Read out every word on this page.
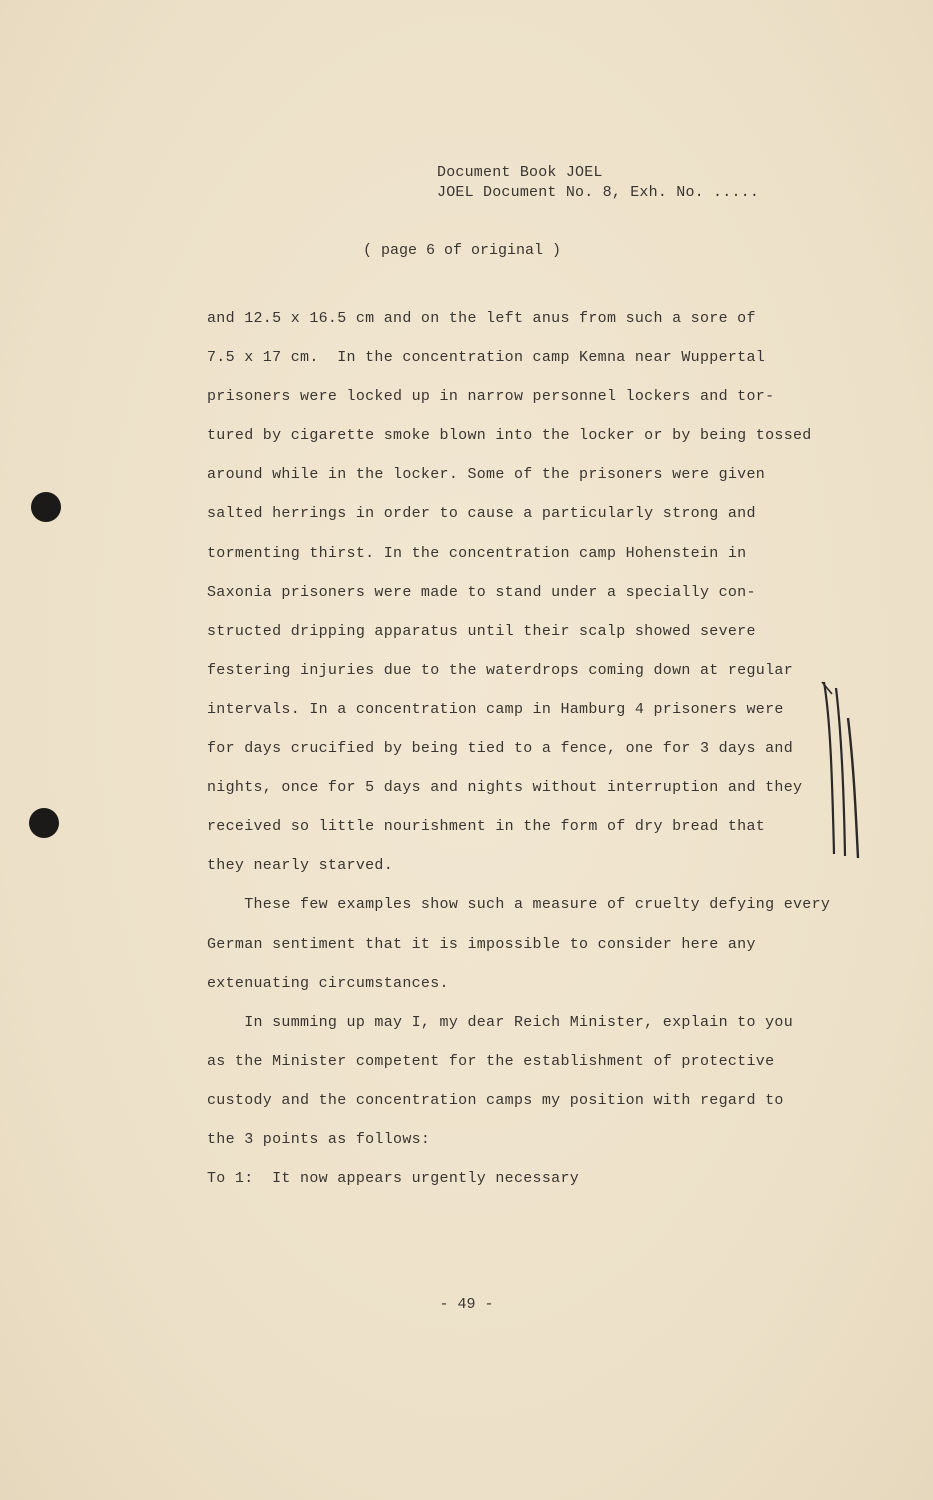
Document Book JOEL
JOEL Document No. 8, Exh. No. .....
( page 6 of original )
and 12.5 x 16.5 cm and on the left anus from such a sore of
7.5 x 17 cm.  In the concentration camp Kemna near Wuppertal
prisoners were locked up in narrow personnel lockers and tor-
tured by cigarette smoke blown into the locker or by being tossed
around while in the locker. Some of the prisoners were given
salted herrings in order to cause a particularly strong and
tormenting thirst. In the concentration camp Hohenstein in
Saxonia prisoners were made to stand under a specially con-
structed dripping apparatus until their scalp showed severe
festering injuries due to the waterdrops coming down at regular
intervals. In a concentration camp in Hamburg 4 prisoners were
for days crucified by being tied to a fence, one for 3 days and
nights, once for 5 days and nights without interruption and they
received so little nourishment in the form of dry bread that
they nearly starved.
These few examples show such a measure of cruelty defying every
German sentiment that it is impossible to consider here any
extenuating circumstances.
In summing up may I, my dear Reich Minister, explain to you
as the Minister competent for the establishment of protective
custody and the concentration camps my position with regard to
the 3 points as follows:
To 1:  It now appears urgently necessary
- 49 -
